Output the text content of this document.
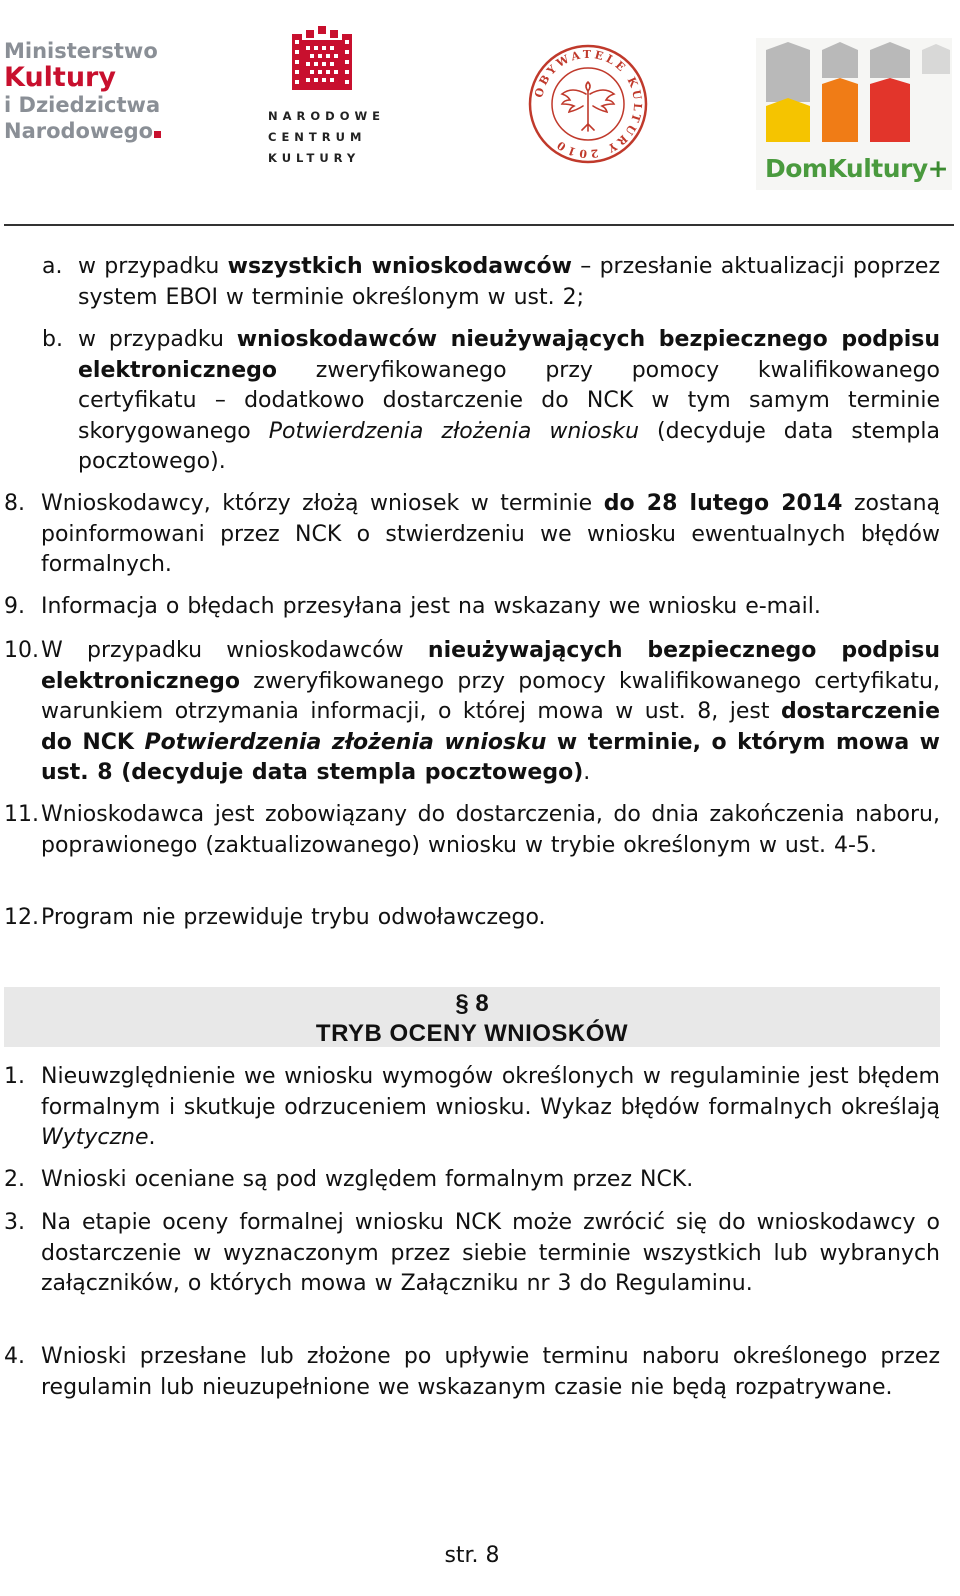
Ministerstwo
Kultury
i Dziedzictwa
Narodowego
NARODOWE
CENTRUM
KULTURY
OBYWATELE KULTURY 2010
DomKultury+
a. w przypadku wszystkich wnioskodawców – przesłanie aktualizacji poprzez system EBOI w terminie określonym w ust. 2;
b. w przypadku wnioskodawców nieużywających bezpiecznego podpisu elektronicznego zweryfikowanego przy pomocy kwalifikowanego certyfikatu – dodatkowo dostarczenie do NCK w tym samym terminie skorygowanego Potwierdzenia złożenia wniosku (decyduje data stempla pocztowego).
8. Wnioskodawcy, którzy złożą wniosek w terminie do 28 lutego 2014 zostaną poinformowani przez NCK o stwierdzeniu we wniosku ewentualnych błędów formalnych.
9. Informacja o błędach przesyłana jest na wskazany we wniosku e-mail.
10. W przypadku wnioskodawców nieużywających bezpiecznego podpisu elektronicznego zweryfikowanego przy pomocy kwalifikowanego certyfikatu, warunkiem otrzymania informacji, o której mowa w ust. 8, jest dostarczenie do NCK Potwierdzenia złożenia wniosku w terminie, o którym mowa w ust. 8 (decyduje data stempla pocztowego).
11. Wnioskodawca jest zobowiązany do dostarczenia, do dnia zakończenia naboru, poprawionego (zaktualizowanego) wniosku w trybie określonym w ust. 4-5.
12. Program nie przewiduje trybu odwoławczego.
§ 8
TRYB OCENY WNIOSKÓW
1. Nieuwzględnienie we wniosku wymogów określonych w regulaminie jest błędem formalnym i skutkuje odrzuceniem wniosku. Wykaz błędów formalnych określają Wytyczne.
2. Wnioski oceniane są pod względem formalnym przez NCK.
3. Na etapie oceny formalnej wniosku NCK może zwrócić się do wnioskodawcy o dostarczenie w wyznaczonym przez siebie terminie wszystkich lub wybranych załączników, o których mowa w Załączniku nr 3 do Regulaminu.
4. Wnioski przesłane lub złożone po upływie terminu naboru określonego przez regulamin lub nieuzupełnione we wskazanym czasie nie będą rozpatrywane.
str. 8
